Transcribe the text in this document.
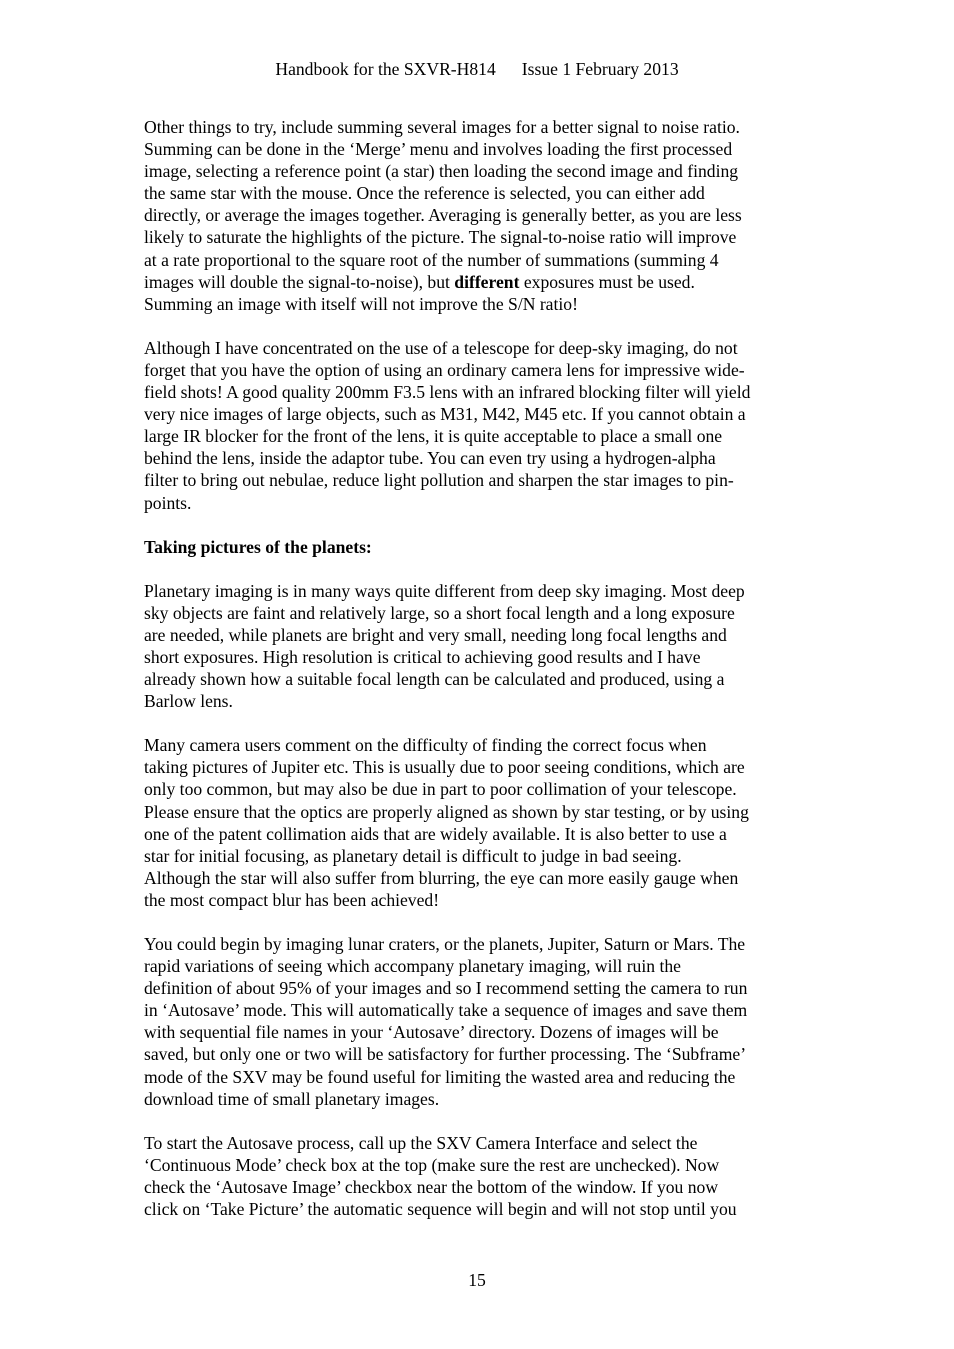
Handbook for the SXVR-H814 Issue 1 February 2013

Other things to try, include summing several images for a better signal to noise ratio.
Summing can be done in the ‘Merge’ menu and involves loading the first processed
image, selecting a reference point (a star) then loading the second image and finding
the same star with the mouse. Once the reference is selected, you can either add
directly, or average the images together. Averaging is generally better, as you are less
likely to saturate the highlights of the picture. The signal-to-noise ratio will improve
at a rate proportional to the square root of the number of summations (summing 4
images will double the signal-to-noise), but different exposures must be used.
Summing an image with itself will not improve the S/N ratio!

Although I have concentrated on the use of a telescope for deep-sky imaging, do not
forget that you have the option of using an ordinary camera lens for impressive wide-
field shots! A good quality 200mm F3.5 lens with an infrared blocking filter will yield
very nice images of large objects, such as M31, M42, M45 etc. If you cannot obtain a
large IR blocker for the front of the lens, it is quite acceptable to place a small one
behind the lens, inside the adaptor tube. You can even try using a hydrogen-alpha
filter to bring out nebulae, reduce light pollution and sharpen the star images to pin-
points.

Taking pictures of the planets:

Planetary imaging is in many ways quite different from deep sky imaging. Most deep
sky objects are faint and relatively large, so a short focal length and a long exposure
are needed, while planets are bright and very small, needing long focal lengths and
short exposures. High resolution is critical to achieving good results and I have
already shown how a suitable focal length can be calculated and produced, using a
Barlow lens.

Many camera users comment on the difficulty of finding the correct focus when
taking pictures of Jupiter etc. This is usually due to poor seeing conditions, which are
only too common, but may also be due in part to poor collimation of your telescope.
Please ensure that the optics are properly aligned as shown by star testing, or by using
one of the patent collimation aids that are widely available. It is also better to use a
star for initial focusing, as planetary detail is difficult to judge in bad seeing.
Although the star will also suffer from blurring, the eye can more easily gauge when
the most compact blur has been achieved!

You could begin by imaging lunar craters, or the planets, Jupiter, Saturn or Mars. The
rapid variations of seeing which accompany planetary imaging, will ruin the
definition of about 95% of your images and so I recommend setting the camera to run
in ‘Autosave’ mode. This will automatically take a sequence of images and save them
with sequential file names in your ‘Autosave’ directory. Dozens of images will be
saved, but only one or two will be satisfactory for further processing. The ‘Subframe’
mode of the SXV may be found useful for limiting the wasted area and reducing the
download time of small planetary images.

To start the Autosave process, call up the SXV Camera Interface and select the
‘Continuous Mode’ check box at the top (make sure the rest are unchecked). Now
check the ‘Autosave Image’ checkbox near the bottom of the window. If you now
click on ‘Take Picture’ the automatic sequence will begin and will not stop until you

15
